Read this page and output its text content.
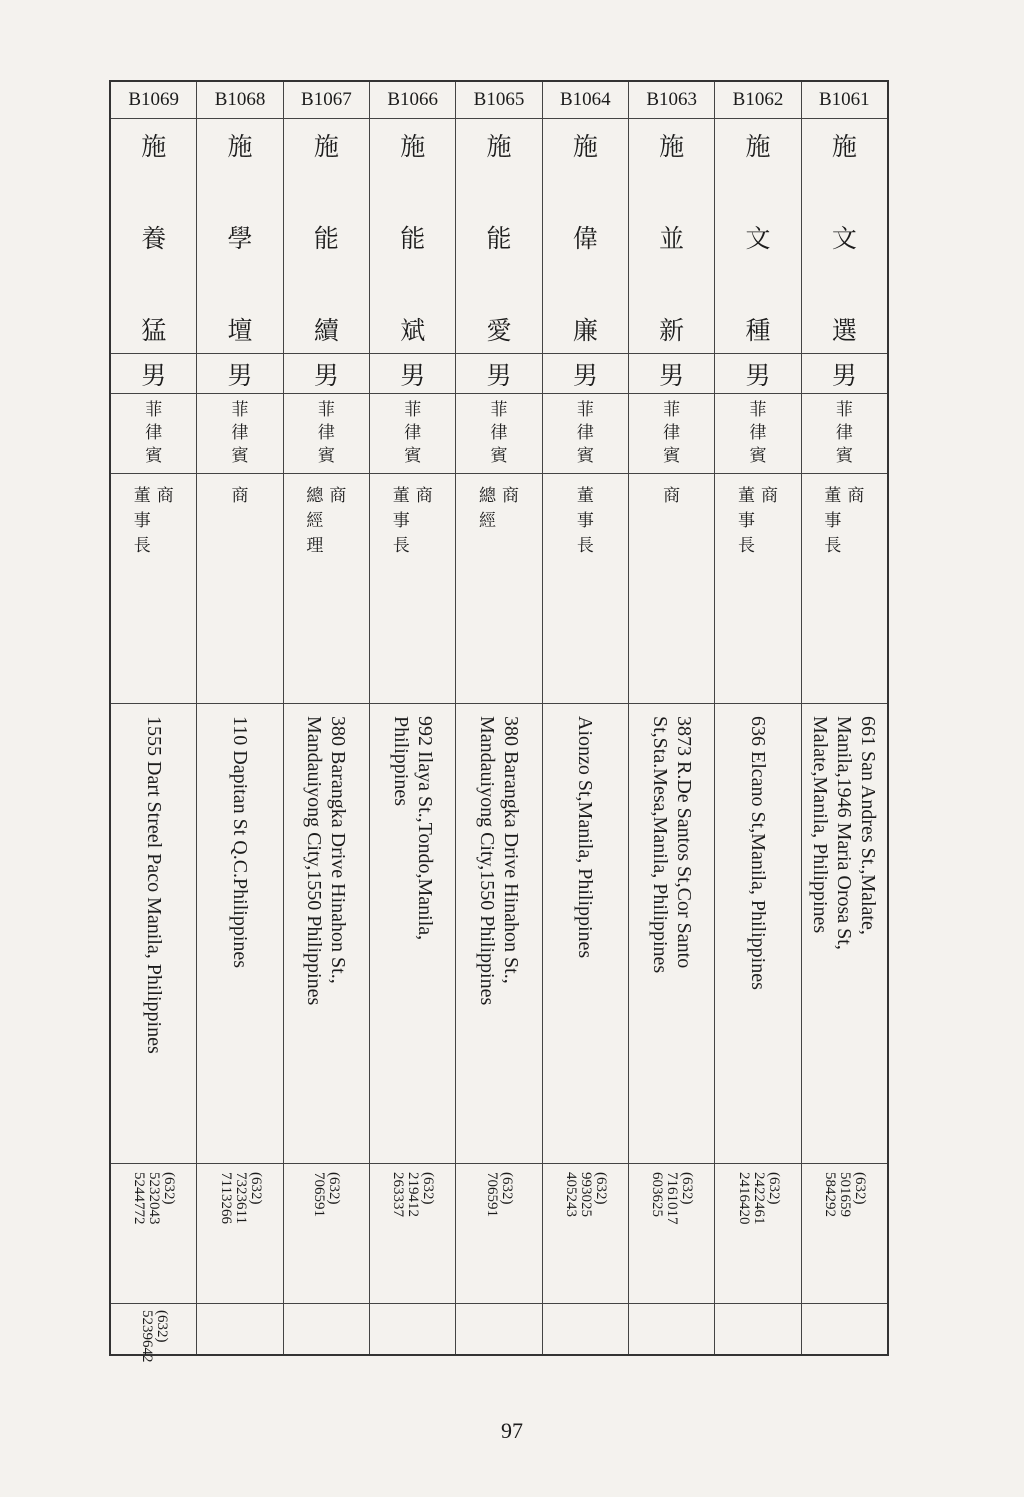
B1061
施
文
選
男
菲
律
賓
商
董
事
長
661 San Andres St.,Malate,
Manila,1946 Maria Orosa St,
Malate,Manila, Philippines
(632)
501659
584292
B1062
施
文
種
男
菲
律
賓
商
董
事
長
636 Elcano St,Manila, Philippines
(632)
2422461
2416420
B1063
施
並
新
男
菲
律
賓
商
3873 R.De Santos St,Cor Santo
St,Sta.Mesa,Manila, Philippines
(632)
7161017
603625
B1064
施
偉
廉
男
菲
律
賓
董
事
長
Aionzo St,Manila, Philippines
(632)
993025
405243
B1065
施
能
愛
男
菲
律
賓
商
總
經
380 Barangka Drive Hinahon St.,
Mandauiyong City,1550 Philippines
(632)
706591
B1066
施
能
斌
男
菲
律
賓
商
董
事
長
992 Ilaya St.,Tondo,Manila,
Philippines
(632)
219412
263337
B1067
施
能
續
男
菲
律
賓
商
總
經
理
380 Barangka Drive Hinahon St.,
Mandauiyong City,1550 Philippines
(632)
706591
B1068
施
學
壇
男
菲
律
賓
商
110 Dapitan St Q.C.Philippines
(632)
7323611
7113266
B1069
施
養
猛
男
菲
律
賓
商
董
事
長
1555 Dart Streel Paco Manila, Philippines
(632)
5232043
5244772
(632)
5239642
97
